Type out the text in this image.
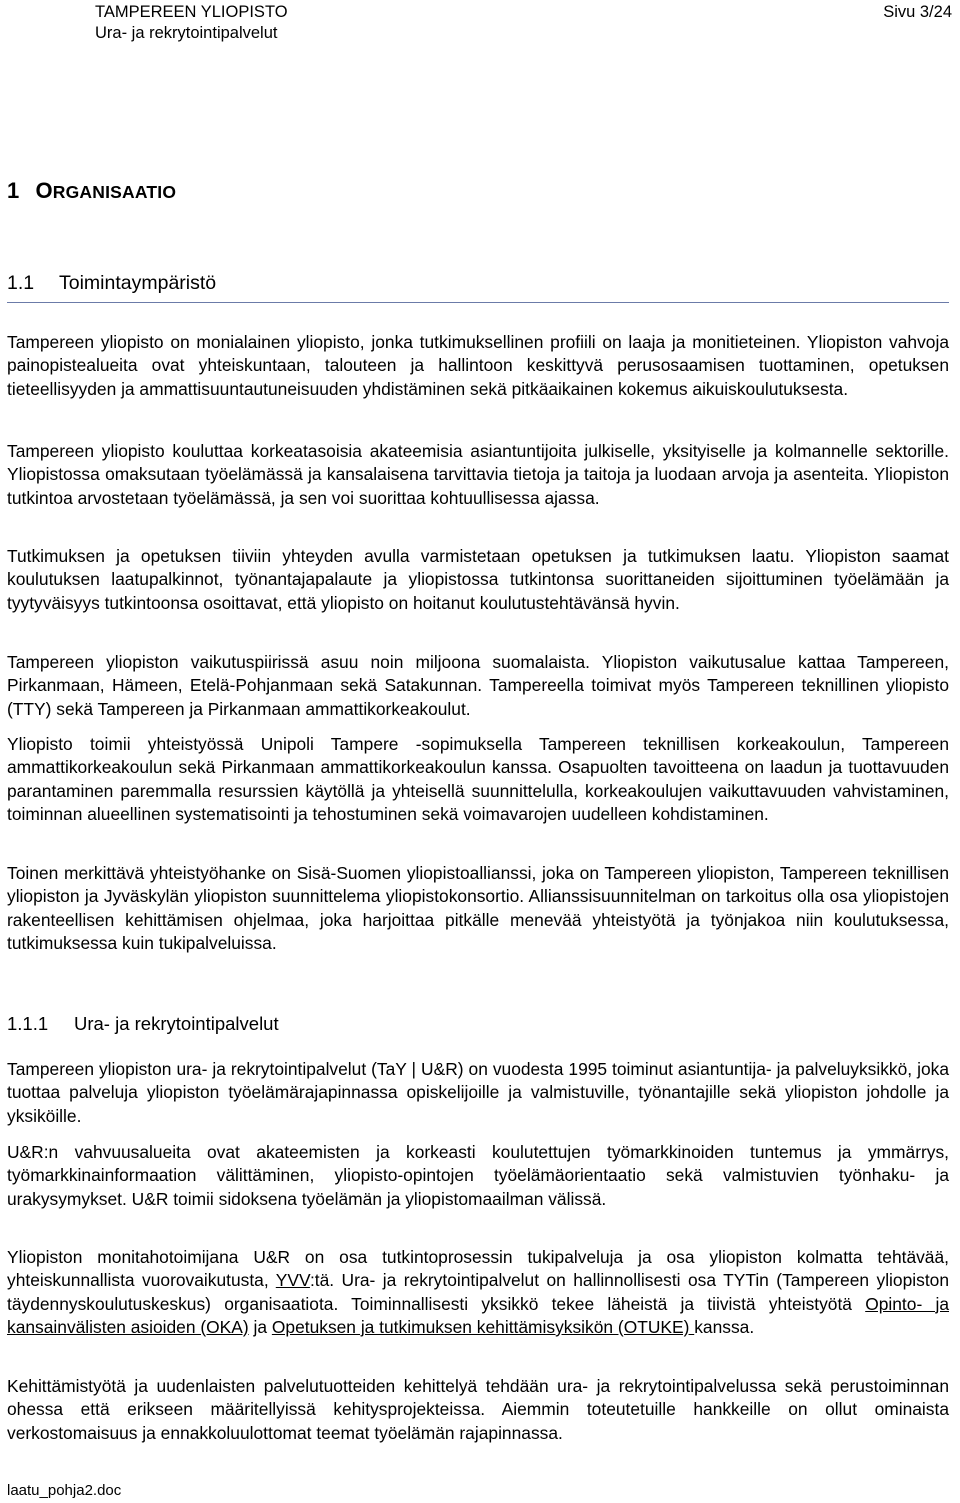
TAMPEREEN YLIOPISTO
Ura- ja rekrytointipalvelut
Sivu 3/24
1 ORGANISAATIO
1.1 Toimintaympäristö
Tampereen yliopisto on monialainen yliopisto, jonka tutkimuksellinen profiili on laaja ja monitieteinen. Yliopiston vahvoja painopistealueita ovat yhteiskuntaan, talouteen ja hallintoon keskittyvä perusosaamisen tuottaminen, opetuksen tieteellisyyden ja ammattisuuntautuneisuuden yhdistäminen sekä pitkäaikainen kokemus aikuiskoulutuksesta.
Tampereen yliopisto kouluttaa korkeatasoisia akateemisia asiantuntijoita julkiselle, yksityiselle ja kolmannelle sektorille. Yliopistossa omaksutaan työelämässä ja kansalaisena tarvittavia tietoja ja taitoja ja luodaan arvoja ja asenteita. Yliopiston tutkintoa arvostetaan työelämässä, ja sen voi suorittaa kohtuullisessa ajassa.
Tutkimuksen ja opetuksen tiiviin yhteyden avulla varmistetaan opetuksen ja tutkimuksen laatu. Yliopiston saamat koulutuksen laatupalkinnot, työnantajapalaute ja yliopistossa tutkintonsa suorittaneiden sijoittuminen työelämään ja tyytyväisyys tutkintoonsa osoittavat, että yliopisto on hoitanut koulutustehtävänsä hyvin.
Tampereen yliopiston vaikutuspiirissä asuu noin miljoona suomalaista. Yliopiston vaikutusalue kattaa Tampereen, Pirkanmaan, Hämeen, Etelä-Pohjanmaan sekä Satakunnan. Tampereella toimivat myös Tampereen teknillinen yliopisto (TTY) sekä Tampereen ja Pirkanmaan ammattikorkeakoulut.
Yliopisto toimii yhteistyössä Unipoli Tampere -sopimuksella Tampereen teknillisen korkeakoulun, Tampereen ammattikorkeakoulun sekä Pirkanmaan ammattikorkeakoulun kanssa. Osapuolten tavoitteena on laadun ja tuottavuuden parantaminen paremmalla resurssien käytöllä ja yhteisellä suunnittelulla, korkeakoulujen vaikuttavuuden vahvistaminen, toiminnan alueellinen systematisointi ja tehostuminen sekä voimavarojen uudelleen kohdistaminen.
Toinen merkittävä yhteistyöhanke on Sisä-Suomen yliopistoallianssi, joka on Tampereen yliopiston, Tampereen teknillisen yliopiston ja Jyväskylän yliopiston suunnittelema yliopistokonsortio. Allianssisuunnitelman on tarkoitus olla osa yliopistojen rakenteellisen kehittämisen ohjelmaa, joka harjoittaa pitkälle menevää yhteistyötä ja työnjakoa niin koulutuksessa, tutkimuksessa kuin tukipalveluissa.
1.1.1 Ura- ja rekrytointipalvelut
Tampereen yliopiston ura- ja rekrytointipalvelut (TaY | U&R) on vuodesta 1995 toiminut asiantuntija- ja palveluyksikkö, joka tuottaa palveluja yliopiston työelämärajapinnassa opiskelijoille ja valmistuville, työnantajille sekä yliopiston johdolle ja yksiköille.
U&R:n vahvuusalueita ovat akateemisten ja korkeasti koulutettujen työmarkkinoiden tuntemus ja ymmärrys, työmarkkinainformaation välittäminen, yliopisto-opintojen työelämäorientaatio sekä valmistuvien työnhaku- ja urakysymykset. U&R toimii sidoksena työelämän ja yliopistomaailman välissä.
Yliopiston monitahotoimijana U&R on osa tutkintoprosessin tukipalveluja ja osa yliopiston kolmatta tehtävää, yhteiskunnallista vuorovaikutusta, YVV:tä. Ura- ja rekrytointipalvelut on hallinnollisesti osa TYTin (Tampereen yliopiston täydennyskoulutuskeskus) organisaatiota. Toiminnallisesti yksikkö tekee läheistä ja tiivistä yhteistyötä Opinto- ja kansainvälisten asioiden (OKA) ja Opetuksen ja tutkimuksen kehittämisyksikön (OTUKE) kanssa.
Kehittämistyötä ja uudenlaisten palvelutuotteiden kehittelyä tehdään ura- ja rekrytointipalvelussa sekä perustoiminnan ohessa että erikseen määritellyissä kehitysprojekteissa. Aiemmin toteutetuille hankkeille on ollut ominaista verkostomaisuus ja ennakkoluulottomat teemat työelämän rajapinnassa.
laatu_pohja2.doc
